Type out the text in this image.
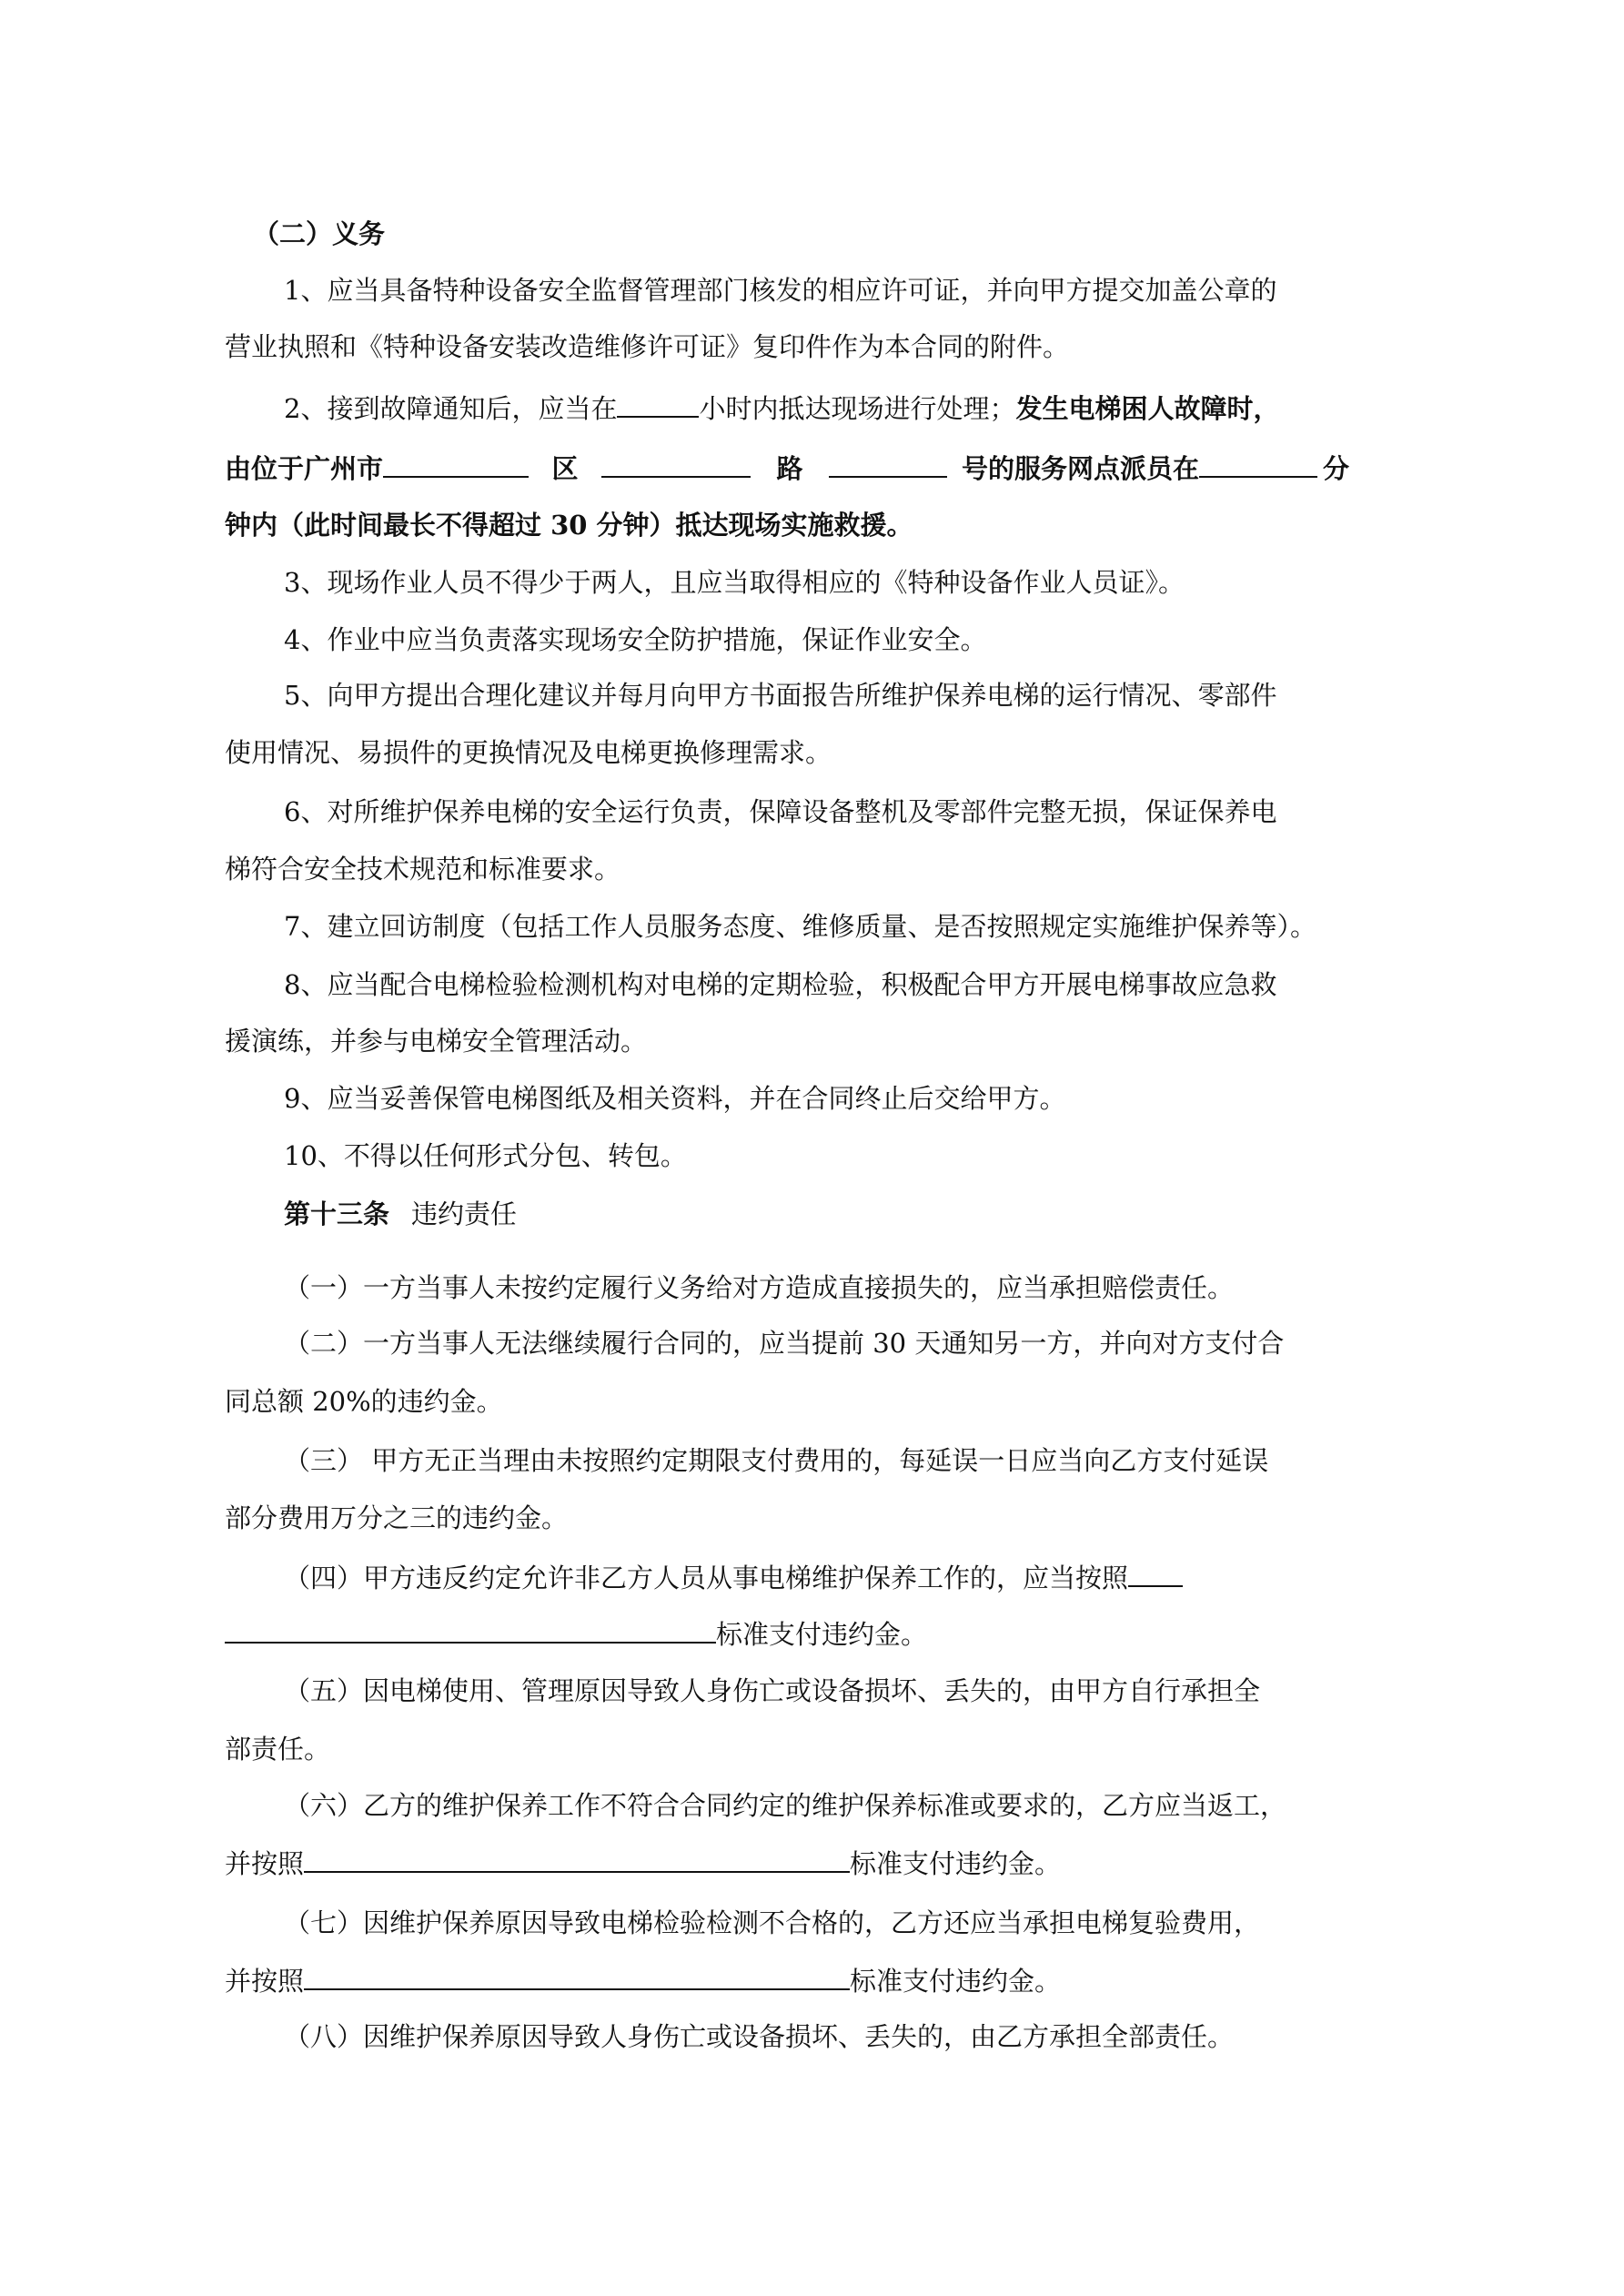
（二）义务
1、应当具备特种设备安全监督管理部门核发的相应许可证，并向甲方提交加盖公章的
营业执照和《特种设备安装改造维修许可证》复印件作为本合同的附件。
2、接到故障通知后，应当在	小时内抵达现场进行处理；发生电梯困人故障时，
由位于广州市	区	路	号的服务网点派员在	分
钟内（此时间最长不得超过 30 分钟）抵达现场实施救援。
3、现场作业人员不得少于两人，且应当取得相应的《特种设备作业人员证》。
4、作业中应当负责落实现场安全防护措施，保证作业安全。
5、向甲方提出合理化建议并每月向甲方书面报告所维护保养电梯的运行情况、零部件
使用情况、易损件的更换情况及电梯更换修理需求。
6、对所维护保养电梯的安全运行负责，保障设备整机及零部件完整无损，保证保养电
梯符合安全技术规范和标准要求。
7、建立回访制度（包括工作人员服务态度、维修质量、是否按照规定实施维护保养等）。
8、应当配合电梯检验检测机构对电梯的定期检验，积极配合甲方开展电梯事故应急救
援演练，并参与电梯安全管理活动。
9、应当妥善保管电梯图纸及相关资料，并在合同终止后交给甲方。
10、不得以任何形式分包、转包。
第十三条 违约责任
（一）一方当事人未按约定履行义务给对方造成直接损失的，应当承担赔偿责任。
（二）一方当事人无法继续履行合同的，应当提前 30 天通知另一方，并向对方支付合
同总额 20%的违约金。
（三） 甲方无正当理由未按照约定期限支付费用的，每延误一日应当向乙方支付延误
部分费用万分之三的违约金。
（四）甲方违反约定允许非乙方人员从事电梯维护保养工作的，应当按照
标准支付违约金。
（五）因电梯使用、管理原因导致人身伤亡或设备损坏、丢失的，由甲方自行承担全
部责任。
（六）乙方的维护保养工作不符合合同约定的维护保养标准或要求的，乙方应当返工，
并按照	标准支付违约金。
（七）因维护保养原因导致电梯检验检测不合格的，乙方还应当承担电梯复验费用，
并按照	标准支付违约金。
（八）因维护保养原因导致人身伤亡或设备损坏、丢失的，由乙方承担全部责任。
